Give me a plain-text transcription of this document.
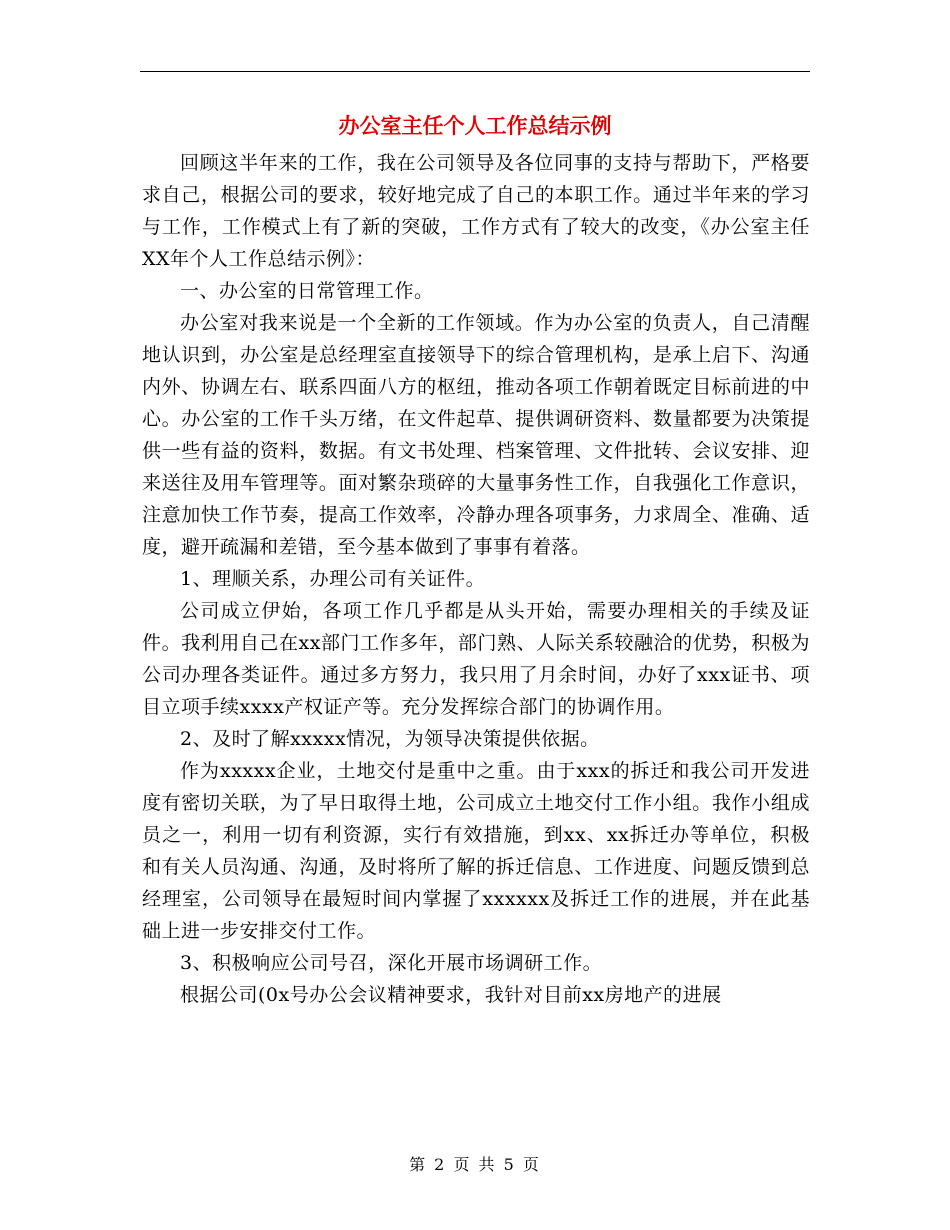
办公室主任个人工作总结示例

回顾这半年来的工作，我在公司领导及各位同事的支持与帮助下，严格要求自己，根据公司的要求，较好地完成了自己的本职工作。通过半年来的学习与工作，工作模式上有了新的突破，工作方式有了较大的改变，《办公室主任XX年个人工作总结示例》：

一、办公室的日常管理工作。

办公室对我来说是一个全新的工作领域。作为办公室的负责人，自己清醒地认识到，办公室是总经理室直接领导下的综合管理机构，是承上启下、沟通内外、协调左右、联系四面八方的枢纽，推动各项工作朝着既定目标前进的中心。办公室的工作千头万绪，在文件起草、提供调研资料、数量都要为决策提供一些有益的资料，数据。有文书处理、档案管理、文件批转、会议安排、迎来送往及用车管理等。面对繁杂琐碎的大量事务性工作，自我强化工作意识，注意加快工作节奏，提高工作效率，冷静办理各项事务，力求周全、准确、适度，避开疏漏和差错，至今基本做到了事事有着落。

1、理顺关系，办理公司有关证件。

公司成立伊始，各项工作几乎都是从头开始，需要办理相关的手续及证件。我利用自己在xx部门工作多年，部门熟、人际关系较融洽的优势，积极为公司办理各类证件。通过多方努力，我只用了月余时间，办好了xxx证书、项目立项手续xxxx产权证产等。充分发挥综合部门的协调作用。

2、及时了解xxxxx情况，为领导决策提供依据。

作为xxxxx企业，土地交付是重中之重。由于xxx的拆迁和我公司开发进度有密切关联，为了早日取得土地，公司成立土地交付工作小组。我作小组成员之一，利用一切有利资源，实行有效措施，到xx、xx拆迁办等单位，积极和有关人员沟通、沟通，及时将所了解的拆迁信息、工作进度、问题反馈到总经理室，公司领导在最短时间内掌握了xxxxxx及拆迁工作的进展，并在此基础上进一步安排交付工作。

3、积极响应公司号召，深化开展市场调研工作。

根据公司(0x号办公会议精神要求，我针对目前xx房地产的进展

第 2 页 共 5 页
